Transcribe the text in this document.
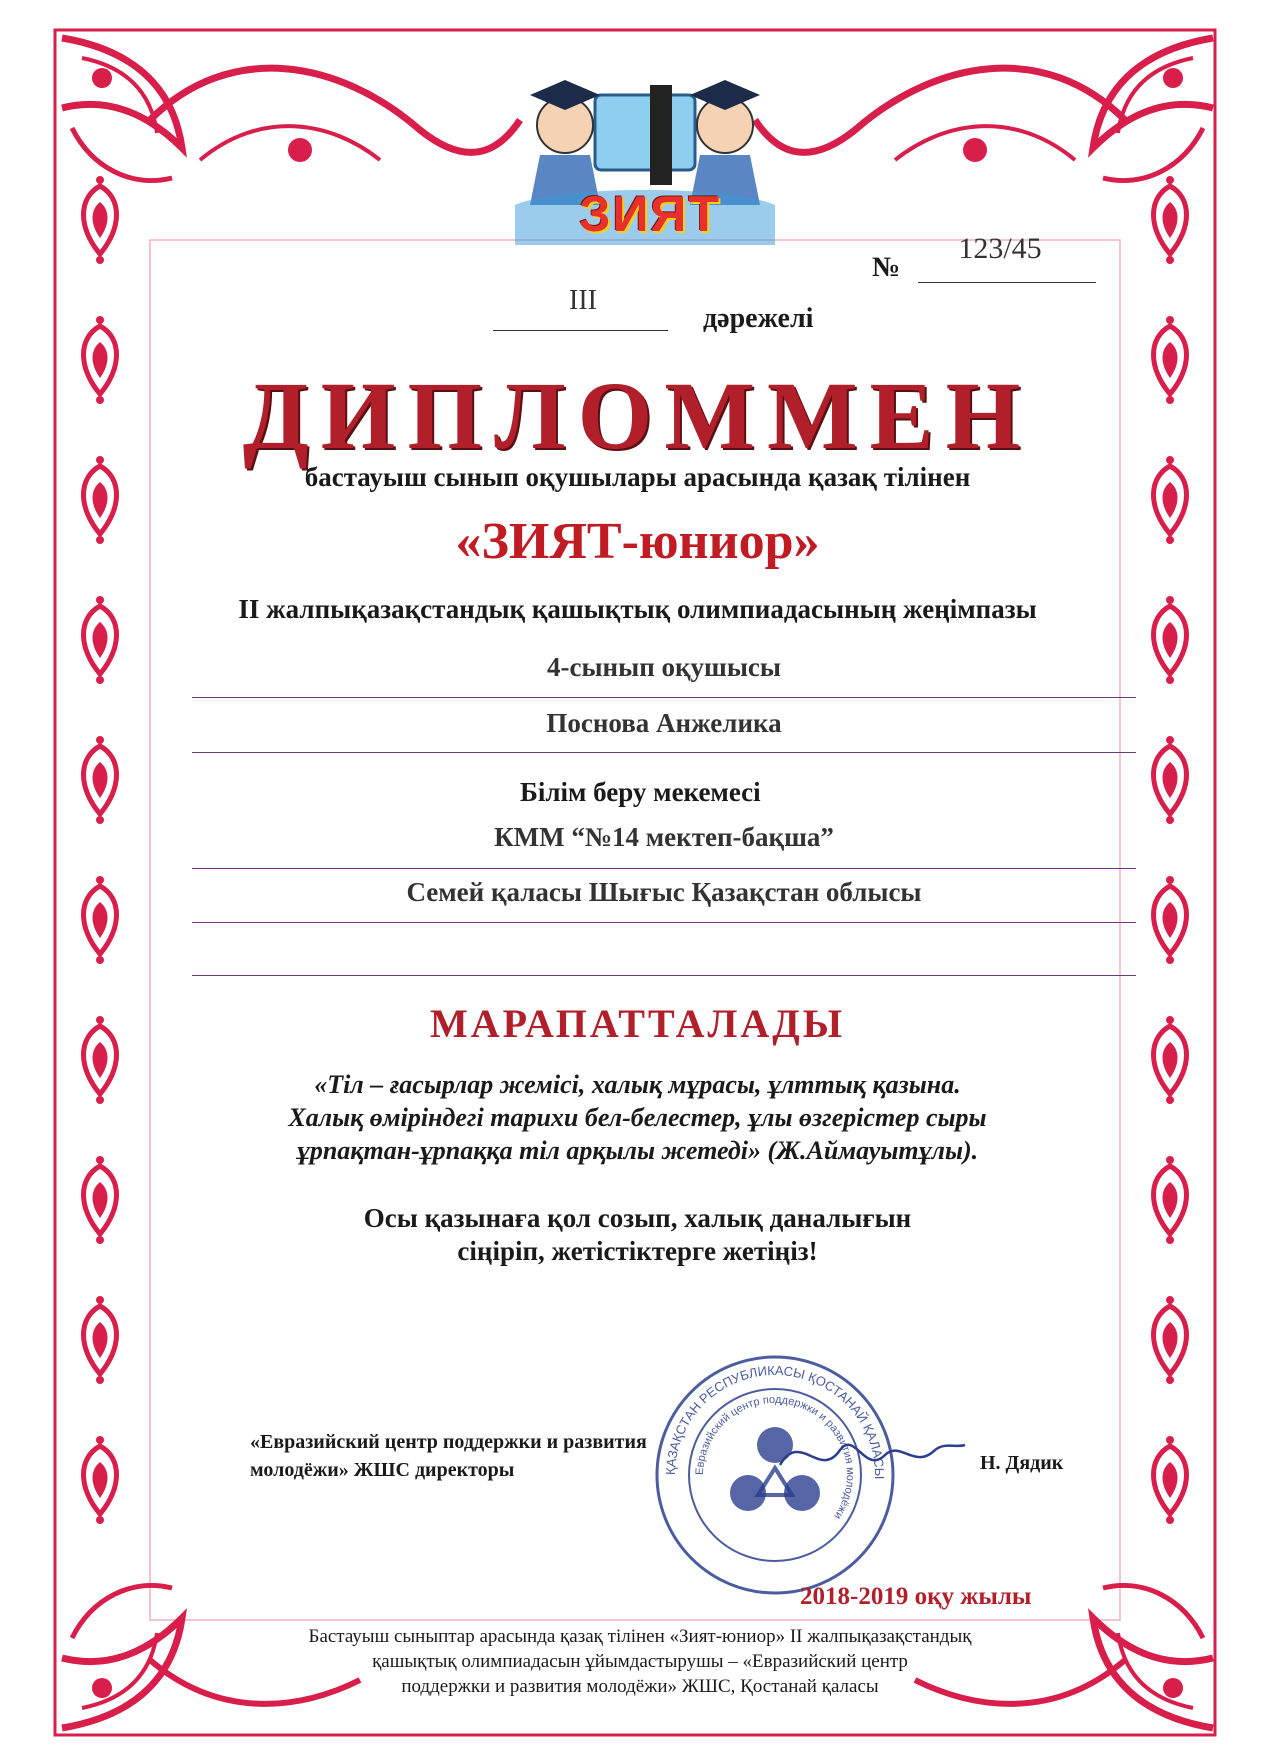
ЗИЯТ
№
123/45
III
дәрежелі
ДИПЛОММЕН
бастауыш сынып оқушылары арасында қазақ тілінен
«ЗИЯТ-юниор»
ІІ жалпықазақстандық қашықтық олимпиадасының жеңімпазы
4-сынып оқушысы
Поснова Анжелика
Білім беру мекемесі
КММ “№14 мектеп-бақша”
Семей қаласы Шығыс Қазақстан облысы
МАРАПАТТАЛАДЫ
«Тіл – ғасырлар жемісі, халық мұрасы, ұлттық қазына.
Халық өміріндегі тарихи бел-белестер, ұлы өзгерістер сыры
ұрпақтан-ұрпаққа тіл арқылы жетеді» (Ж.Аймауытұлы).
Осы қазынаға қол созып, халық даналығын
сіңіріп, жетістіктерге жетіңіз!
ҚАЗАҚСТАН РЕСПУБЛИКАСЫ ҚОСТАНАЙ ҚАЛАСЫ
Евразийский центр поддержки и развития молодёжи
«Евразийский центр поддержки и развития
молодёжи» ЖШС директоры	Н. Дядик
2018-2019 оқу жылы
Бастауыш сыныптар арасында қазақ тілінен «Зият-юниор» ІІ жалпықазақстандық
қашықтық олимпиадасын ұйымдастырушы – «Евразийский центр
поддержки и развития молодёжи» ЖШС, Қостанай қаласы
